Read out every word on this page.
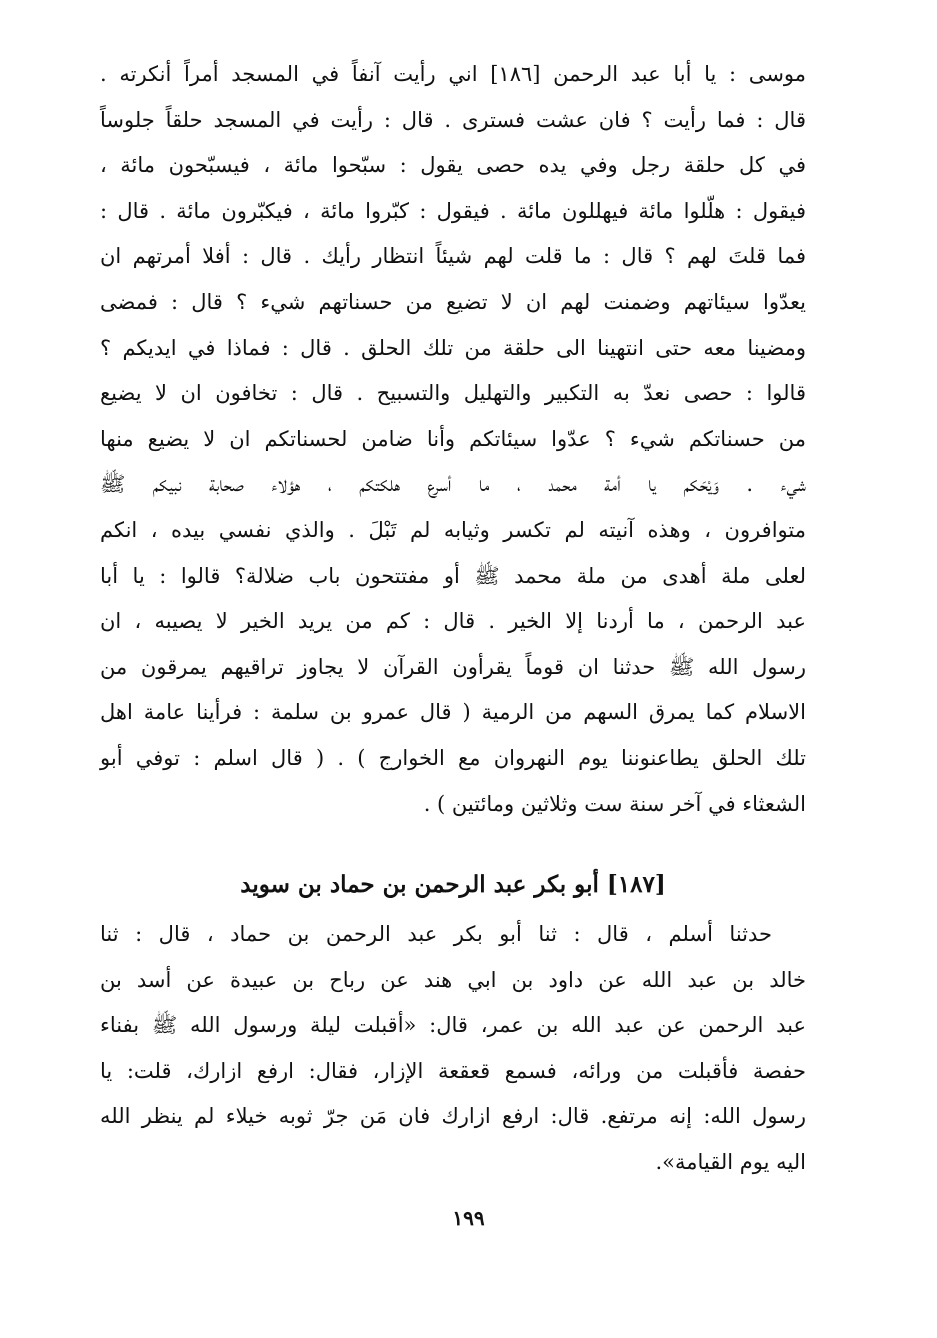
موسى : يا أبا عبد الرحمن [١٨٦] اني رأيت آنفاً في المسجد أمراً أنكرته .
قال : فما رأيت ؟ فان عشت فسترى . قال : رأيت في المسجد حلقاً جلوساً
في كل حلقة رجل وفي يده حصى يقول : سبّحوا مائة ، فيسبّحون مائة ،
فيقول : هلّلوا مائة فيهللون مائة . فيقول : كبّروا مائة ، فيكبّرون مائة . قال :
فما قلتَ لهم ؟ قال : ما قلت لهم شيئاً انتظار رأيك . قال : أفلا أمرتهم ان
يعدّوا سيئاتهم وضمنت لهم ان لا تضيع من حسناتهم شيء ؟ قال : فمضى
ومضينا معه حتى انتهينا الى حلقة من تلك الحلق . قال : فماذا في ايديكم ؟
قالوا : حصى نعدّ به التكبير والتهليل والتسبيح . قال : تخافون ان لا يضيع
من حسناتكم شيء ؟ عدّوا سيئاتكم وأنا ضامن لحسناتكم ان لا يضيع منها
شيء . وَيْحَكم يا أمة محمد ، ما أسرع هلكتكم ، هؤلاء صحابة نبيكم ﷺ
متوافرون ، وهذه آنيته لم تكسر وثيابه لم تَبْلَ . والذي نفسي بيده ، انكم
لعلى ملة أهدى من ملة محمد ﷺ أو مفتتحون باب ضلالة؟ قالوا : يا أبا
عبد الرحمن ، ما أردنا إلا الخير . قال : كم من يريد الخير لا يصيبه ، ان
رسول الله ﷺ حدثنا ان قوماً يقرأون القرآن لا يجاوز تراقيهم يمرقون من
الاسلام كما يمرق السهم من الرمية ( قال عمرو بن سلمة : فرأينا عامة اهل
تلك الحلق يطاعنوننا يوم النهروان مع الخوارج ) . ( قال اسلم : توفي أبو
الشعثاء في آخر سنة ست وثلاثين ومائتين ) .
[١٨٧] أبو بكر عبد الرحمن بن حماد بن سويد
حدثنا أسلم ، قال : ثنا أبو بكر عبد الرحمن بن حماد ، قال : ثنا
خالد بن عبد الله عن داود بن ابي هند عن رباح بن عبيدة عن أسد بن
عبد الرحمن عن عبد الله بن عمر، قال: «أقبلت ليلة ورسول الله ﷺ بفناء
حفصة فأقبلت من ورائه، فسمع قعقعة الإزار، فقال: ارفع ازارك، قلت: يا
رسول الله: إنه مرتفع. قال: ارفع ازارك فان مَن جرّ ثوبه خيلاء لم ينظر الله
اليه يوم القيامة».
١٩٩
